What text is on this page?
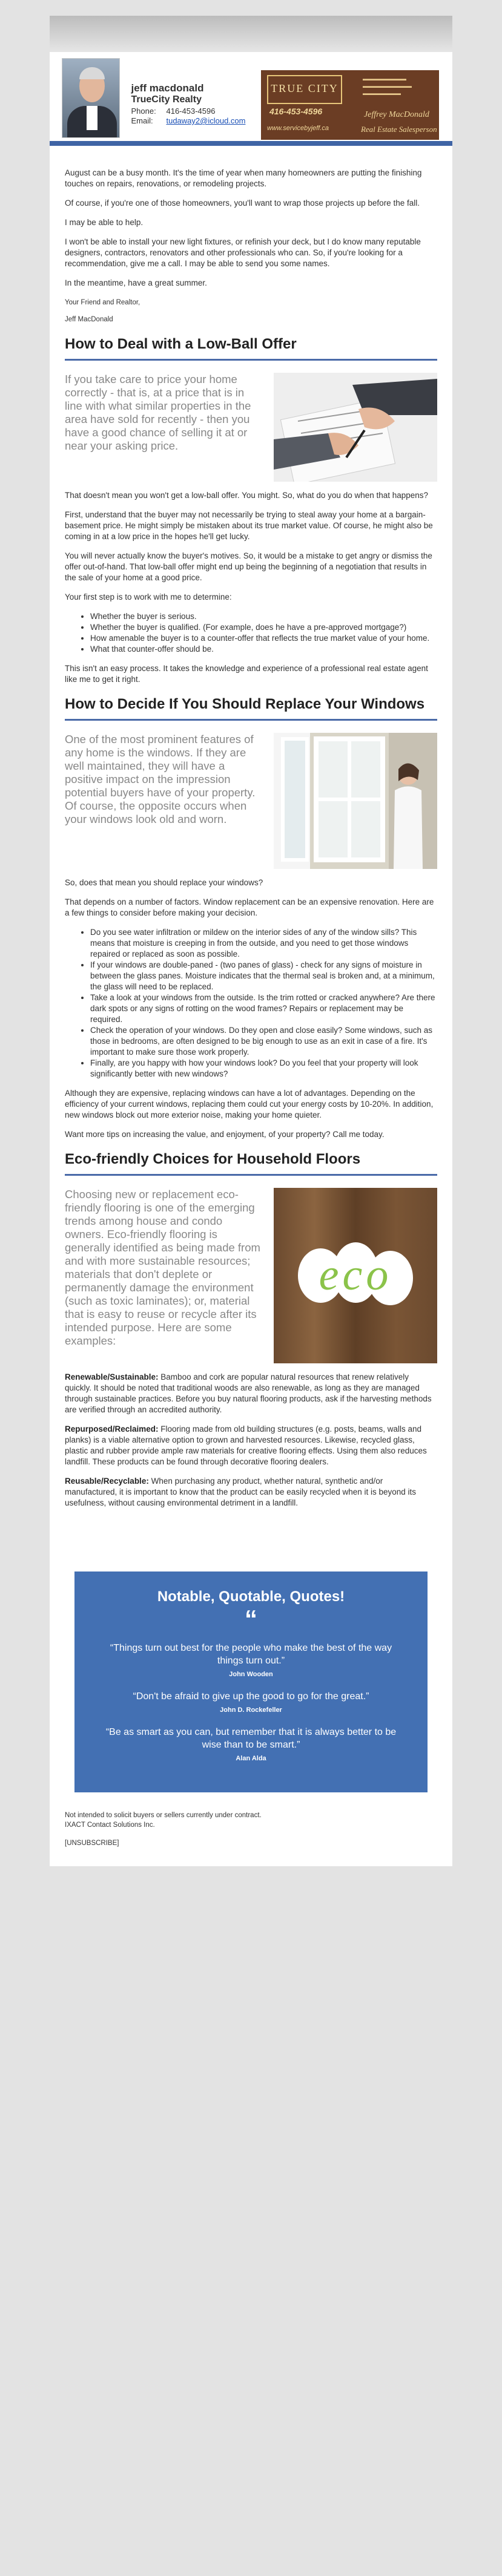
jeff macdonald
TrueCity Realty
Phone:	416-453-4596
Email:	tudaway2@icloud.com
TRUE CITY
416-453-4596
www.servicebyjeff.ca
▬▬▬▬▬▬▬▬
▬▬▬▬▬▬▬▬▬
▬▬▬▬▬▬▬
Jeffrey MacDonald
Real Estate Salesperson

August can be a busy month. It's the time of year when many homeowners are putting the finishing touches on repairs, renovations, or remodeling projects.

Of course, if you're one of those homeowners, you'll want to wrap those projects up before the fall.

I may be able to help.

I won't be able to install your new light fixtures, or refinish your deck, but I do know many reputable designers, contractors, renovators and other professionals who can. So, if you're looking for a recommendation, give me a call. I may be able to send you some names.

In the meantime, have a great summer.

Your Friend and Realtor,

Jeff MacDonald

How to Deal with a Low-Ball Offer
If you take care to price your home correctly - that is, at a price that is in line with what similar properties in the area have sold for recently - then you have a good chance of selling it at or near your asking price.

That doesn't mean you won't get a low-ball offer. You might. So, what do you do when that happens?

First, understand that the buyer may not necessarily be trying to steal away your home at a bargain-basement price. He might simply be mistaken about its true market value. Of course, he might also be coming in at a low price in the hopes he'll get lucky.

You will never actually know the buyer's motives. So, it would be a mistake to get angry or dismiss the offer out-of-hand. That low-ball offer might end up being the beginning of a negotiation that results in the sale of your home at a good price.

Your first step is to work with me to determine:

• Whether the buyer is serious.
• Whether the buyer is qualified. (For example, does he have a pre-approved mortgage?)
• How amenable the buyer is to a counter-offer that reflects the true market value of your home.
• What that counter-offer should be.

This isn't an easy process. It takes the knowledge and experience of a professional real estate agent like me to get it right.

How to Decide If You Should Replace Your Windows
One of the most prominent features of any home is the windows. If they are well maintained, they will have a positive impact on the impression potential buyers have of your property. Of course, the opposite occurs when your windows look old and worn.

So, does that mean you should replace your windows?

That depends on a number of factors. Window replacement can be an expensive renovation. Here are a few things to consider before making your decision.

• Do you see water infiltration or mildew on the interior sides of any of the window sills? This means that moisture is creeping in from the outside, and you need to get those windows repaired or replaced as soon as possible.
• If your windows are double-paned - (two panes of glass) - check for any signs of moisture in between the glass panes. Moisture indicates that the thermal seal is broken and, at a minimum, the glass will need to be replaced.
• Take a look at your windows from the outside. Is the trim rotted or cracked anywhere? Are there dark spots or any signs of rotting on the wood frames? Repairs or replacement may be required.
• Check the operation of your windows. Do they open and close easily? Some windows, such as those in bedrooms, are often designed to be big enough to use as an exit in case of a fire. It's important to make sure those work properly.
• Finally, are you happy with how your windows look? Do you feel that your property will look significantly better with new windows?

Although they are expensive, replacing windows can have a lot of advantages. Depending on the efficiency of your current windows, replacing them could cut your energy costs by 10-20%. In addition, new windows block out more exterior noise, making your home quieter.

Want more tips on increasing the value, and enjoyment, of your property? Call me today.

Eco-friendly Choices for Household Floors
Choosing new or replacement eco-friendly flooring is one of the emerging trends among house and condo owners. Eco-friendly flooring is generally identified as being made from and with more sustainable resources; materials that don't deplete or permanently damage the environment (such as toxic laminates); or, material that is easy to reuse or recycle after its intended purpose. Here are some examples:
eco

Renewable/Sustainable: Bamboo and cork are popular natural resources that renew relatively quickly. It should be noted that traditional woods are also renewable, as long as they are managed through sustainable practices. Before you buy natural flooring products, ask if the harvesting methods are verified through an accredited authority.

Repurposed/Reclaimed: Flooring made from old building structures (e.g. posts, beams, walls and planks) is a viable alternative option to grown and harvested resources. Likewise, recycled glass, plastic and rubber provide ample raw materials for creative flooring effects. Using them also reduces landfill. These products can be found through decorative flooring dealers.

Reusable/Recyclable: When purchasing any product, whether natural, synthetic and/or manufactured, it is important to know that the product can be easily recycled when it is beyond its usefulness, without causing environmental detriment in a landfill.

Notable, Quotable, Quotes!
“
“Things turn out best for the people who make the best of the way things turn out.”
John Wooden
“Don't be afraid to give up the good to go for the great.”
John D. Rockefeller
“Be as smart as you can, but remember that it is always better to be wise than to be smart.”
Alan Alda

Not intended to solicit buyers or sellers currently under contract.

IXACT Contact Solutions Inc.

[UNSUBSCRIBE]
